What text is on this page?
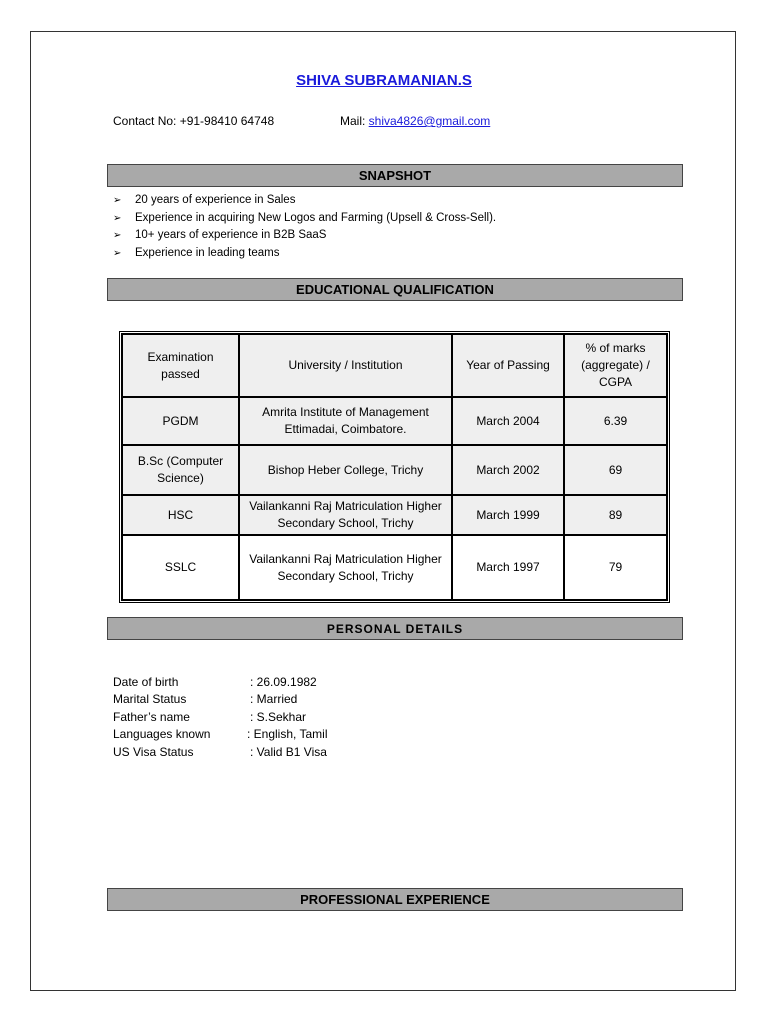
SHIVA SUBRAMANIAN.S
Contact No: +91-98410 64748	Mail: shiva4826@gmail.com
SNAPSHOT
➢ 20 years of experience in Sales
➢ Experience in acquiring New Logos and Farming (Upsell & Cross-Sell).
➢ 10+ years of experience in B2B SaaS
➢ Experience in leading teams
EDUCATIONAL QUALIFICATION
Examination passed	University / Institution	Year of Passing	% of marks (aggregate) / CGPA
PGDM	Amrita Institute of Management Ettimadai, Coimbatore.	March 2004	6.39
B.Sc (Computer Science)	Bishop Heber College, Trichy	March 2002	69
HSC	Vailankanni Raj Matriculation Higher Secondary School, Trichy	March 1999	89
SSLC	Vailankanni Raj Matriculation Higher Secondary School, Trichy	March 1997	79
PERSONAL DETAILS
Date of birth	: 26.09.1982
Marital Status	: Married
Father’s name	: S.Sekhar
Languages known	: English, Tamil
US Visa Status	: Valid B1 Visa
PROFESSIONAL EXPERIENCE
